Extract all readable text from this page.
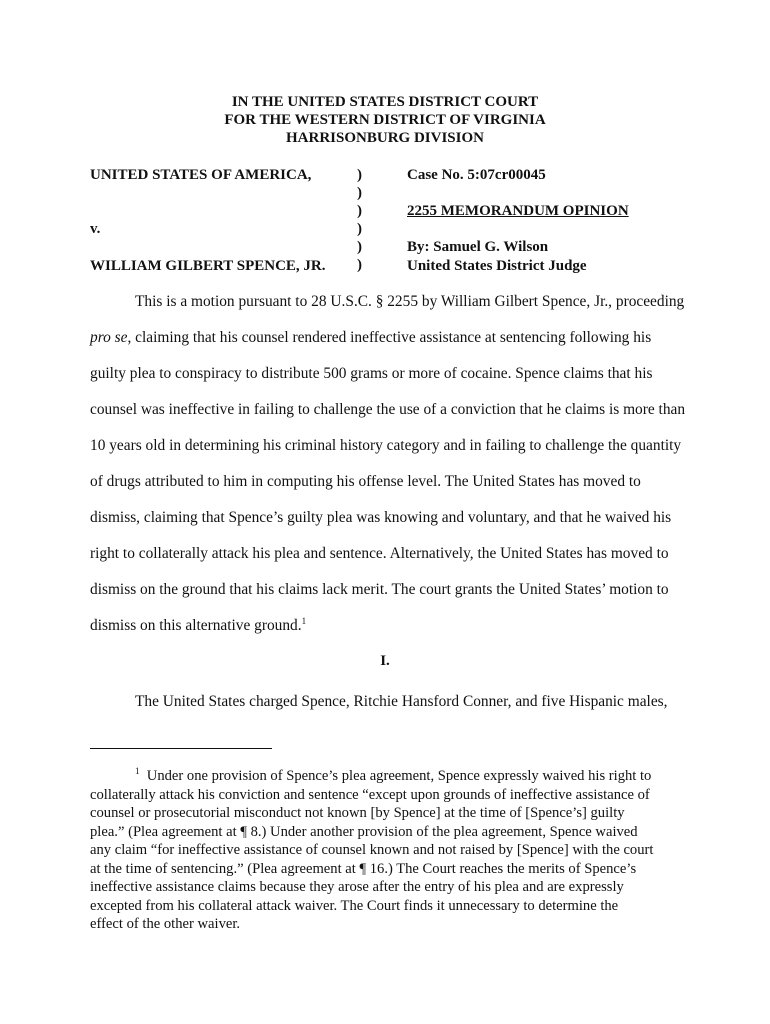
IN THE UNITED STATES DISTRICT COURT
FOR THE WESTERN DISTRICT OF VIRGINIA
HARRISONBURG DIVISION
UNITED STATES OF AMERICA,
v.
WILLIAM GILBERT SPENCE, JR.
)
)
)
)
)
)
Case No. 5:07cr00045
2255 MEMORANDUM OPINION
By: Samuel G. Wilson
United States District Judge
This is a motion pursuant to 28 U.S.C. § 2255 by William Gilbert Spence, Jr., proceeding
pro se, claiming that his counsel rendered ineffective assistance at sentencing following his
guilty plea to conspiracy to distribute 500 grams or more of cocaine. Spence claims that his
counsel was ineffective in failing to challenge the use of a conviction that he claims is more than
10 years old in determining his criminal history category and in failing to challenge the quantity
of drugs attributed to him in computing his offense level. The United States has moved to
dismiss, claiming that Spence’s guilty plea was knowing and voluntary, and that he waived his
right to collaterally attack his plea and sentence. Alternatively, the United States has moved to
dismiss on the ground that his claims lack merit. The court grants the United States’ motion to
dismiss on this alternative ground.$^1$
I.
The United States charged Spence, Ritchie Hansford Conner, and five Hispanic males,
$^1$ Under one provision of Spence’s plea agreement, Spence expressly waived his right to
collaterally attack his conviction and sentence “except upon grounds of ineffective assistance of
counsel or prosecutorial misconduct not known [by Spence] at the time of [Spence’s] guilty
plea.” (Plea agreement at ¶ 8.) Under another provision of the plea agreement, Spence waived
any claim “for ineffective assistance of counsel known and not raised by [Spence] with the court
at the time of sentencing.” (Plea agreement at ¶ 16.) The Court reaches the merits of Spence’s
ineffective assistance claims because they arose after the entry of his plea and are expressly
excepted from his collateral attack waiver. The Court finds it unnecessary to determine the
effect of the other waiver.
